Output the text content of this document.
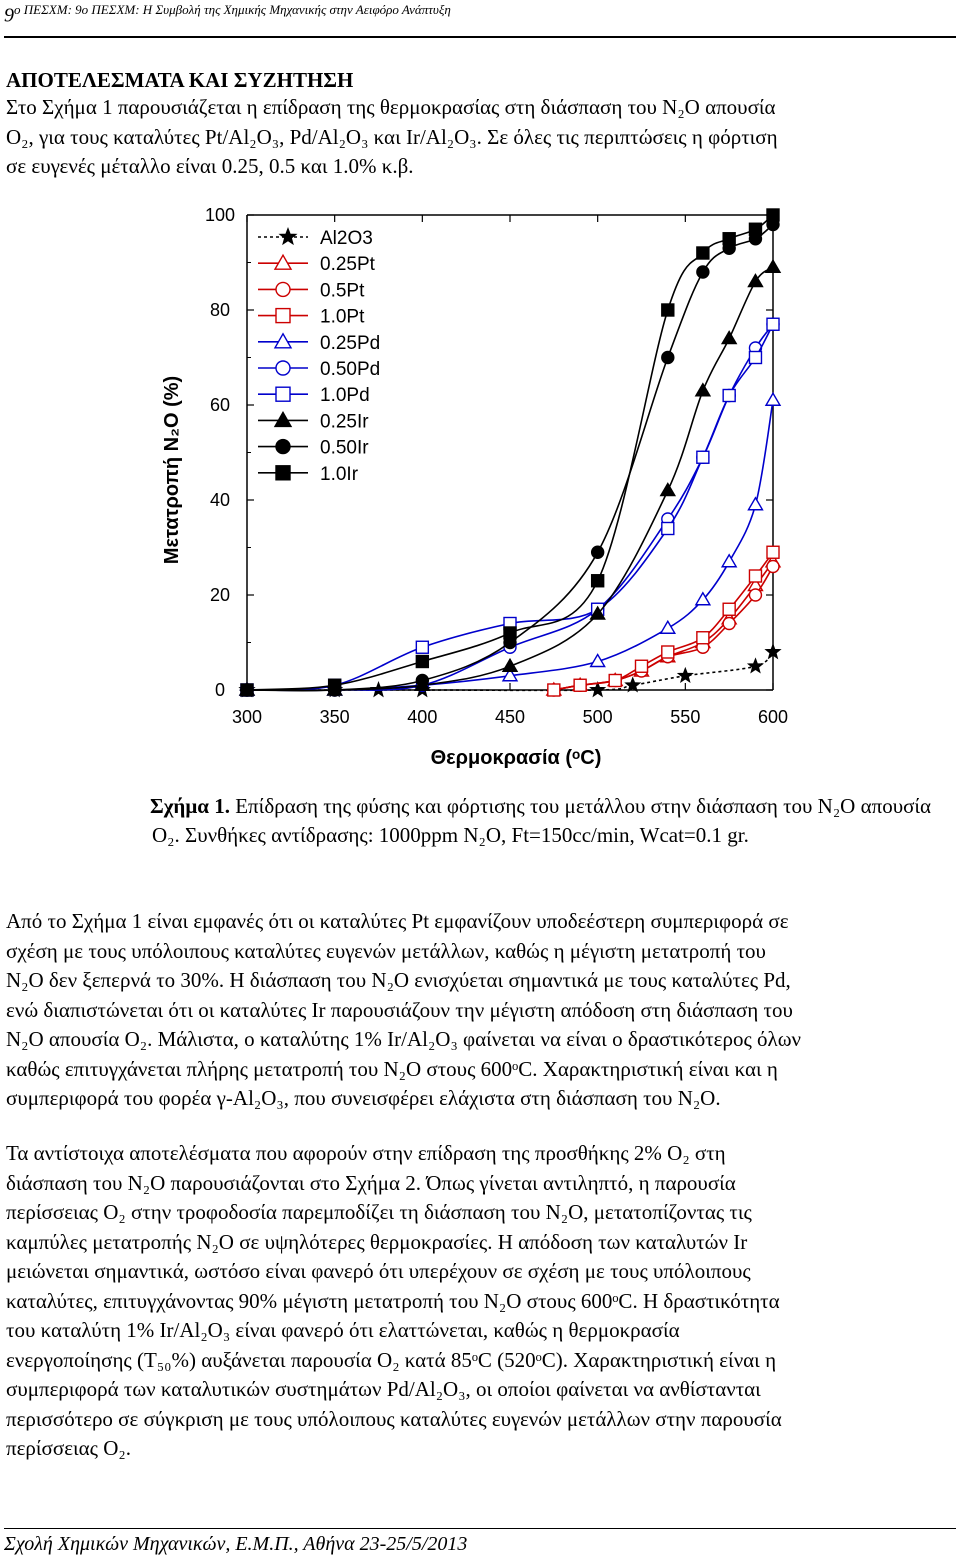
$9^{o \Pi E\Sigma XM: 9o \Pi E\Sigma XM: H \Sigma\upsilon\mu\beta o\lambda ή \tau\eta\varsigma X\eta\mu\iota\kappa ή\varsigma M\eta\chi\alpha\nu\iota\kappa ή\varsigma \sigma\tau\eta\nu A\varepsilon\iota\varphi ό\rho o A\nu ά\pi\tau\upsilon\xi\eta}$
ΑΠΟΤΕΛΕΣΜΑΤΑ ΚΑΙ ΣΥΖΗΤΗΣΗ
Στο Σχήμα 1 παρουσιάζεται η επίδραση της θερμοκρασίας στη διάσπαση του Ν₂Ο απουσία
Ο₂, για τους καταλύτες Pt/Al₂O₃, Pd/Al₂O₃ και Ir/Al₂O₃. Σε όλες τις περιπτώσεις η φόρτιση
σε ευγενές μέταλλο είναι 0.25, 0.5 και 1.0% κ.β.
300	350	400	450	500	550	600
0
20
40
60
80
100
Al2O3
0.25Pt
0.5Pt
1.0Pt
0.25Pd
0.50Pd
1.0Pd
0.25Ir
0.50Ir
1.0Ir
Θερμοκρασία (ᵒC)
Μετατροπή N₂O (%)
Σχήμα 1. Επίδραση της φύσης και φόρτισης του μετάλλου στην διάσπαση του Ν₂Ο απουσία
Ο₂. Συνθήκες αντίδρασης: 1000ppm N₂O, Ft=150cc/min, Wcat=0.1 gr.
Από το Σχήμα 1 είναι εμφανές ότι οι καταλύτες Pt εμφανίζουν υποδεέστερη συμπεριφορά σε
σχέση με τους υπόλοιπους καταλύτες ευγενών μετάλλων, καθώς η μέγιστη μετατροπή του
Ν₂Ο δεν ξεπερνά το 30%. Η διάσπαση του Ν₂Ο ενισχύεται σημαντικά με τους καταλύτες Pd,
ενώ διαπιστώνεται ότι οι καταλύτες Ir παρουσιάζουν την μέγιστη απόδοση στη διάσπαση του
Ν₂Ο απουσία Ο₂. Μάλιστα, ο καταλύτης 1% Ir/Al₂O₃ φαίνεται να είναι ο δραστικότερος όλων
καθώς επιτυγχάνεται πλήρης μετατροπή του Ν₂Ο στους 600ᵒC. Χαρακτηριστική είναι και η
συμπεριφορά του φορέα γ-Al₂O₃, που συνεισφέρει ελάχιστα στη διάσπαση του Ν₂Ο.
Τα αντίστοιχα αποτελέσματα που αφορούν στην επίδραση της προσθήκης 2% Ο₂ στη
διάσπαση του Ν₂Ο παρουσιάζονται στο Σχήμα 2. Όπως γίνεται αντιληπτό, η παρουσία
περίσσειας Ο₂ στην τροφοδοσία παρεμποδίζει τη διάσπαση του Ν₂Ο, μετατοπίζοντας τις
καμπύλες μετατροπής Ν₂Ο σε υψηλότερες θερμοκρασίες. Η απόδοση των καταλυτών Ir
μειώνεται σημαντικά, ωστόσο είναι φανερό ότι υπερέχουν σε σχέση με τους υπόλοιπους
καταλύτες, επιτυγχάνοντας 90% μέγιστη μετατροπή του Ν₂Ο στους 600ᵒC. Η δραστικότητα
του καταλύτη 1% Ir/Al₂O₃ είναι φανερό ότι ελαττώνεται, καθώς η θερμοκρασία
ενεργοποίησης (T₅₀%) αυξάνεται παρουσία Ο₂ κατά 85ᵒC (520ᵒC). Χαρακτηριστική είναι η
συμπεριφορά των καταλυτικών συστημάτων Pd/Al₂O₃, οι οποίοι φαίνεται να ανθίστανται
περισσότερο σε σύγκριση με τους υπόλοιπους καταλύτες ευγενών μετάλλων στην παρουσία
περίσσειας Ο₂.
Σχολή Χημικών Μηχανικών, Ε.Μ.Π., Αθήνα 23-25/5/2013
